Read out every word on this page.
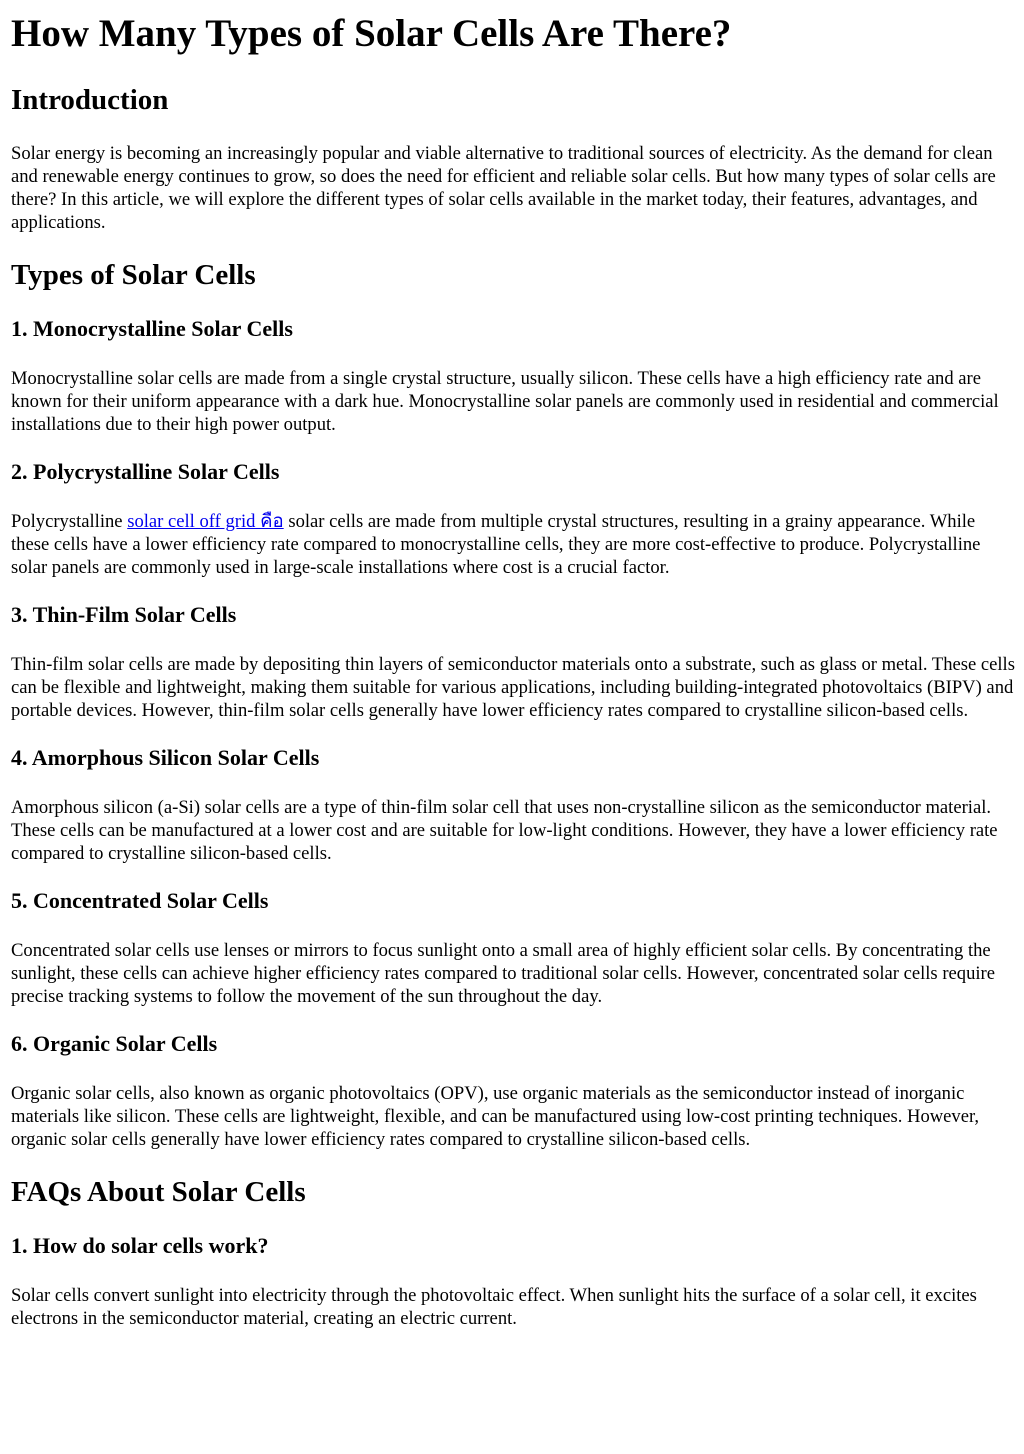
How Many Types of Solar Cells Are There?
Introduction

Solar energy is becoming an increasingly popular and viable alternative to traditional sources of electricity. As the demand for clean and renewable energy continues to grow, so does the need for efficient and reliable solar cells. But how many types of solar cells are there? In this article, we will explore the different types of solar cells available in the market today, their features, advantages, and applications.

Types of Solar Cells
1. Monocrystalline Solar Cells

Monocrystalline solar cells are made from a single crystal structure, usually silicon. These cells have a high efficiency rate and are known for their uniform appearance with a dark hue. Monocrystalline solar panels are commonly used in residential and commercial installations due to their high power output.

2. Polycrystalline Solar Cells

Polycrystalline solar cell off grid คือ solar cells are made from multiple crystal structures, resulting in a grainy appearance. While these cells have a lower efficiency rate compared to monocrystalline cells, they are more cost-effective to produce. Polycrystalline solar panels are commonly used in large-scale installations where cost is a crucial factor.

3. Thin-Film Solar Cells

Thin-film solar cells are made by depositing thin layers of semiconductor materials onto a substrate, such as glass or metal. These cells can be flexible and lightweight, making them suitable for various applications, including building-integrated photovoltaics (BIPV) and portable devices. However, thin-film solar cells generally have lower efficiency rates compared to crystalline silicon-based cells.

4. Amorphous Silicon Solar Cells

Amorphous silicon (a-Si) solar cells are a type of thin-film solar cell that uses non-crystalline silicon as the semiconductor material. These cells can be manufactured at a lower cost and are suitable for low-light conditions. However, they have a lower efficiency rate compared to crystalline silicon-based cells.

5. Concentrated Solar Cells

Concentrated solar cells use lenses or mirrors to focus sunlight onto a small area of highly efficient solar cells. By concentrating the sunlight, these cells can achieve higher efficiency rates compared to traditional solar cells. However, concentrated solar cells require precise tracking systems to follow the movement of the sun throughout the day.

6. Organic Solar Cells

Organic solar cells, also known as organic photovoltaics (OPV), use organic materials as the semiconductor instead of inorganic materials like silicon. These cells are lightweight, flexible, and can be manufactured using low-cost printing techniques. However, organic solar cells generally have lower efficiency rates compared to crystalline silicon-based cells.

FAQs About Solar Cells
1. How do solar cells work?

Solar cells convert sunlight into electricity through the photovoltaic effect. When sunlight hits the surface of a solar cell, it excites electrons in the semiconductor material, creating an electric current.
